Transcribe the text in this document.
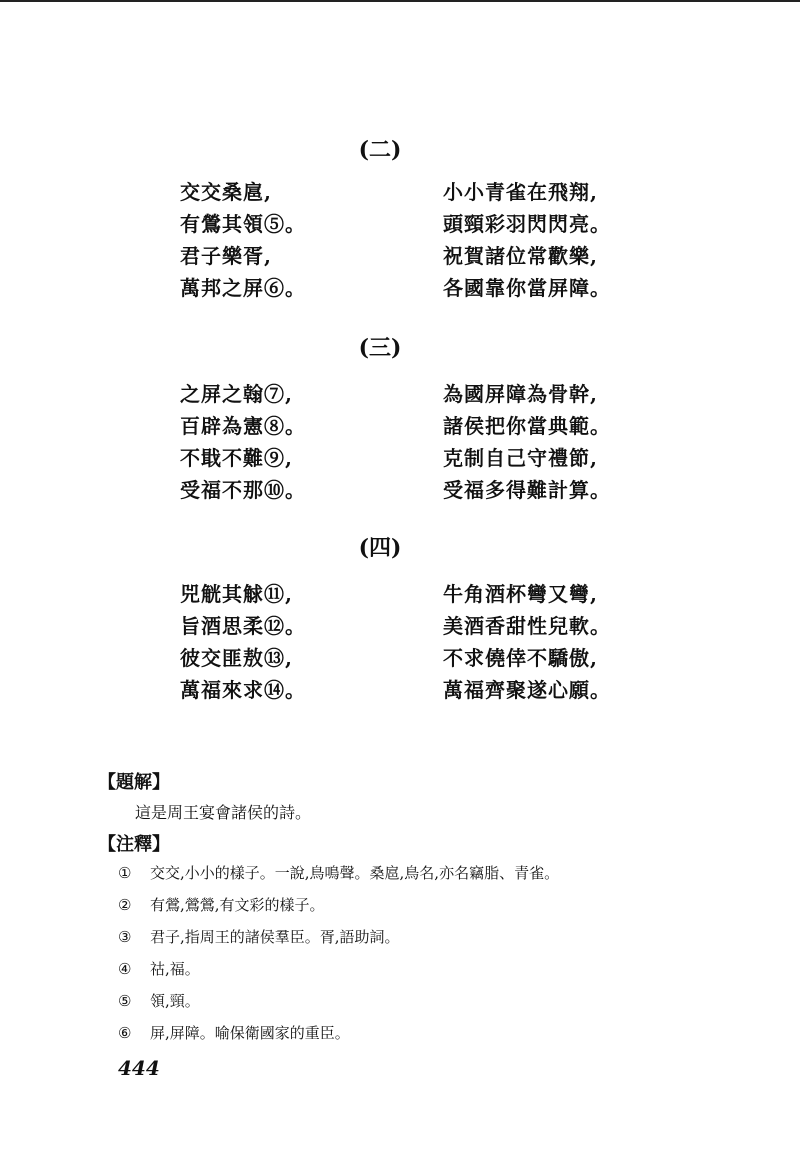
(二)
交交桑扈,	小小青雀在飛翔,
有鶯其領⑤。	頭頸彩羽閃閃亮。
君子樂胥,	祝賀諸位常歡樂,
萬邦之屏⑥。	各國靠你當屏障。
(三)
之屏之翰⑦,	為國屏障為骨幹,
百辟為憲⑧。	諸侯把你當典範。
不戢不難⑨,	克制自己守禮節,
受福不那⑩。	受福多得難計算。
(四)
兕觥其觩⑪,	牛角酒杯彎又彎,
旨酒思柔⑫。	美酒香甜性兒軟。
彼交匪敖⑬,	不求僥倖不驕傲,
萬福來求⑭。	萬福齊聚遂心願。
【題解】
這是周王宴會諸侯的詩。
【注釋】
① 交交,小小的樣子。一說,鳥鳴聲。桑扈,鳥名,亦名竊脂、青雀。
② 有鶯,鶯鶯,有文彩的樣子。
③ 君子,指周王的諸侯羣臣。胥,語助詞。
④ 祜,福。
⑤ 領,頸。
⑥ 屏,屏障。喻保衛國家的重臣。
444
